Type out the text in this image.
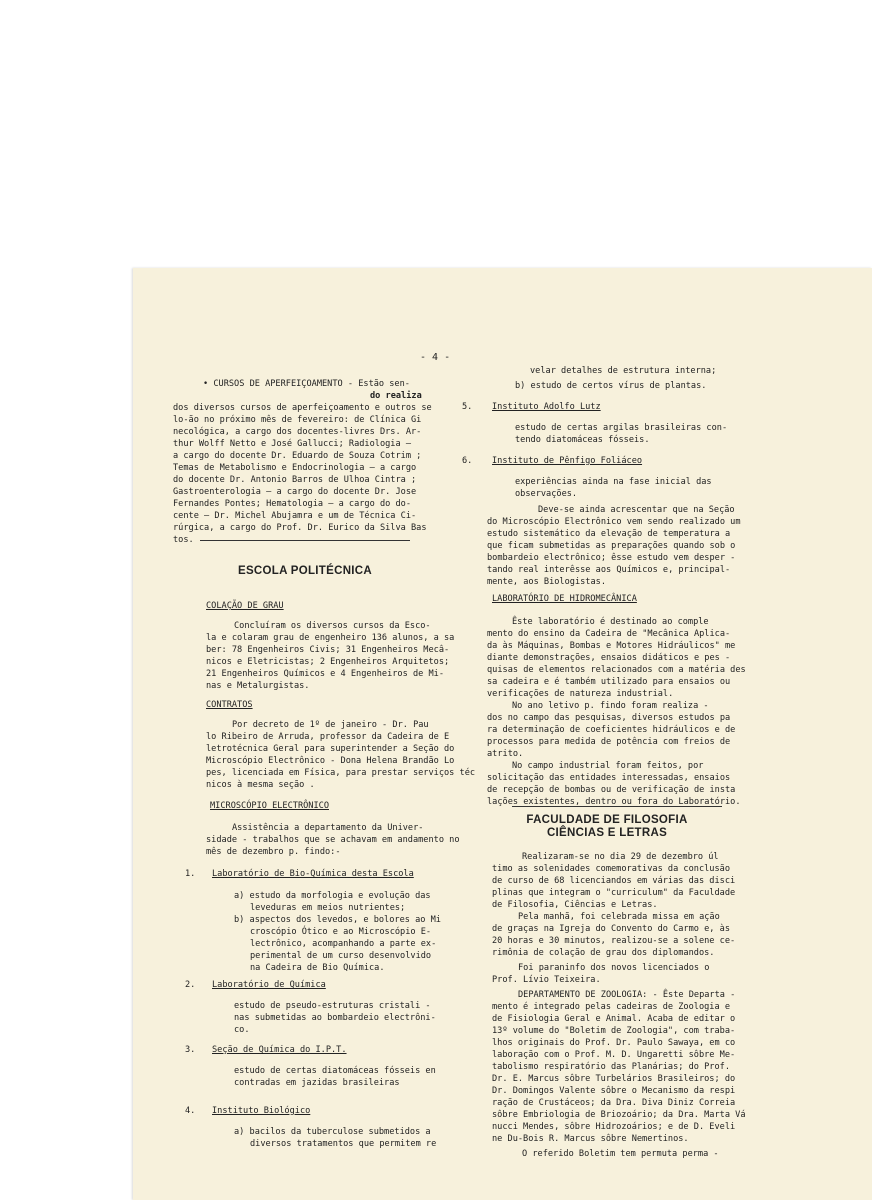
- 4 -
• CURSOS DE APERFEIÇOAMENTO - Estão sen-
do realiza
dos diversos cursos de aperfeiçoamento e outros se
lo-ão no próximo mês de fevereiro: de Clínica Gi
necológica, a cargo dos docentes-livres Drs. Ar-
thur Wolff Netto e José Gallucci; Radiologia —
a cargo do docente Dr. Eduardo de Souza Cotrim ;
Temas de Metabolismo e Endocrinologia — a cargo
do docente Dr. Antonio Barros de Ulhoa Cintra ;
Gastroenterologia — a cargo do docente Dr. Jose
Fernandes Pontes; Hematologia — a cargo do do-
cente — Dr. Michel Abujamra e um de Técnica Ci-
rúrgica, a cargo do Prof. Dr. Eurico da Silva Bas
tos.
ESCOLA POLITÉCNICA
COLAÇÃO DE GRAU
Concluíram os diversos cursos da Esco-
la e colaram grau de engenheiro 136 alunos, a sa
ber: 78 Engenheiros Civis; 31 Engenheiros Mecâ-
nicos e Eletricistas; 2 Engenheiros Arquitetos;
21 Engenheiros Químicos e 4 Engenheiros de Mi-
nas e Metalurgistas.
CONTRATOS
Por decreto de 1º de janeiro - Dr. Pau
lo Ribeiro de Arruda, professor da Cadeira de E
letrotécnica Geral para superintender a Seção do
Microscópio Electrônico - Dona Helena Brandão Lo
pes, licenciada em Física, para prestar serviços téc
nicos à mesma seção .
MICROSCÓPIO ELECTRÔNICO
Assistência a departamento da Univer-
sidade - trabalhos que se achavam em andamento no
mês de dezembro p. findo:-
1. Laboratório de Bio-Química desta Escola
a) estudo da morfologia e evolução das
leveduras em meios nutrientes;
b) aspectos dos levedos, e bolores ao Mi
croscópio Ótico e ao Microscópio E-
lectrônico, acompanhando a parte ex-
perimental de um curso desenvolvido
na Cadeira de Bio Química.
2. Laboratório de Química
estudo de pseudo-estruturas cristali -
nas submetidas ao bombardeio electrôni-
co.
3. Seção de Química do I.P.T.
estudo de certas diatomáceas fósseis en
contradas em jazidas brasileiras
4. Instituto Biológico
a) bacilos da tuberculose submetidos a
diversos tratamentos que permitem re
velar detalhes de estrutura interna;
b) estudo de certos vírus de plantas.
5. Instituto Adolfo Lutz
estudo de certas argilas brasileiras con-
tendo diatomáceas fósseis.
6. Instituto de Pênfigo Foliáceo
experiências ainda na fase inicial das
observações.
Deve-se ainda acrescentar que na Seção
do Microscópio Electrônico vem sendo realizado um
estudo sistemático da elevação de temperatura a
que ficam submetidas as preparações quando sob o
bombardeio electrônico; êsse estudo vem desper -
tando real interêsse aos Químicos e, principal-
mente, aos Biologistas.
LABORATÓRIO DE HIDROMECÂNICA
Êste laboratório é destinado ao comple
mento do ensino da Cadeira de "Mecânica Aplica-
da às Máquinas, Bombas e Motores Hidráulicos" me
diante demonstrações, ensaios didáticos e pes -
quisas de elementos relacionados com a matéria des
sa cadeira e é também utilizado para ensaios ou
verificações de natureza industrial.
No ano letivo p. findo foram realiza -
dos no campo das pesquisas, diversos estudos pa
ra determinação de coeficientes hidráulicos e de
processos para medida de potência com freios de
atrito.
No campo industrial foram feitos, por
solicitação das entidades interessadas, ensaios
de recepção de bombas ou de verificação de insta
lações existentes, dentro ou fora do Laboratório.
FACULDADE DE FILOSOFIA
CIÊNCIAS E LETRAS
Realizaram-se no dia 29 de dezembro úl
timo as solenidades comemorativas da conclusão
de curso de 68 licenciandos em várias das disci
plinas que integram o "curriculum" da Faculdade
de Filosofia, Ciências e Letras.
Pela manhã, foi celebrada missa em ação
de graças na Igreja do Convento do Carmo e, às
20 horas e 30 minutos, realizou-se a solene ce-
rimônia de colação de grau dos diplomandos.
Foi paraninfo dos novos licenciados o
Prof. Lívio Teixeira.
DEPARTAMENTO DE ZOOLOGIA: - Êste Departa -
mento é integrado pelas cadeiras de Zoologia e
de Fisiologia Geral e Animal. Acaba de editar o
13º volume do "Boletim de Zoologia", com traba-
lhos originais do Prof. Dr. Paulo Sawaya, em co
laboração com o Prof. M. D. Ungaretti sôbre Me-
tabolismo respiratório das Planárias; do Prof.
Dr. E. Marcus sôbre Turbelários Brasileiros; do
Dr. Domingos Valente sôbre o Mecanismo da respi
ração de Crustáceos; da Dra. Diva Diniz Correia
sôbre Embriologia de Briozoário; da Dra. Marta Vá
nucci Mendes, sôbre Hidrozoários; e de D. Eveli
ne Du-Bois R. Marcus sôbre Nemertinos.
O referido Boletim tem permuta perma -
